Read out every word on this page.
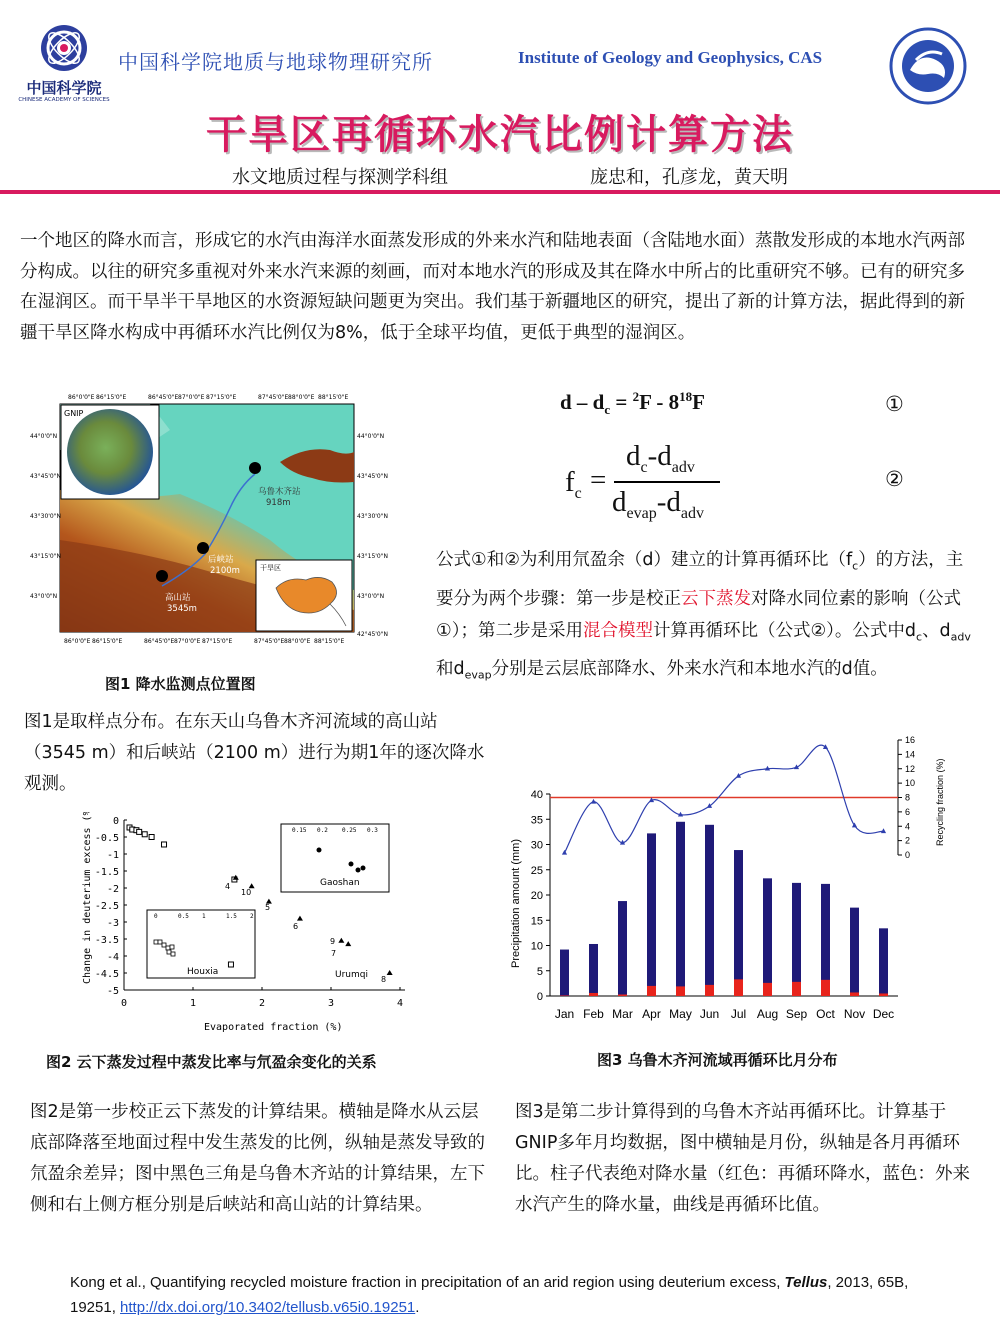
中国科学院
CHINESE ACADEMY OF SCIENCES
中国科学院地质与地球物理研究所	Institute of Geology and Geophysics, CAS
干旱区再循环水汽比例计算方法
水文地质过程与探测学科组	庞忠和，孔彦龙，黄天明
一个地区的降水而言，形成它的水汽由海洋水面蒸发形成的外来水汽和陆地表面（含陆地水面）蒸散发形成的本地水汽两部分构成。以往的研究多重视对外来水汽来源的刻画，而对本地水汽的形成及其在降水中所占的比重研究不够。已有的研究多在湿润区。而干旱半干旱地区的水资源短缺问题更为突出。我们基于新疆地区的研究，提出了新的计算方法，据此得到的新疆干旱区降水构成中再循环水汽比例仅为8%，低于全球平均值，更低于典型的湿润区。
GNIP
乌鲁木齐站
918m
后峡站
2100m
高山站
3545m
干旱区
86°0'0"E 86°15'0"E	86°45'0"E 87°0'0"E 87°15'0"E	87°45'0"E 88°0'0"E 88°15'0"E
86°0'0"E 86°15'0"E	86°45'0"E 87°0'0"E 87°15'0"E	87°45'0"E 88°0'0"E 88°15'0"E
44°0'0"N
43°45'0"N
43°30'0"N
43°15'0"N
43°0'0"N
42°45'0"N
44°0'0"N
43°45'0"N
43°30'0"N
43°15'0"N
43°0'0"N
图1 降水监测点位置图
$d - d_c = ^2F - 8^{18}F$	①
$f_c$ =
$d_c-d_{adv}$
$d_{evap}-d_{adv}$
②
公式①和②为利用氘盈余（d）建立的计算再循环比$(f_c)$的方法，主要分为两个步骤：第一步是校正云下蒸发对降水同位素的影响（公式①）；第二步是采用混合模型计算再循环比（公式②）。公式中$d_c$、$d_{adv}$和$d_{evap}$分别是云层底部降水、外来水汽和本地水汽的d值。
图1是取样点分布。在东天山乌鲁木齐河流域的高山站（3545 m）和后峡站（2100 m）进行为期1年的逐次降水观测。
0
-0.5
-1
-1.5
-2
-2.5
-3
-3.5
-4
-4.5
-5
0	1	2	3	4
Change in deuterium excess (%)
Evaporated fraction (%)
0	0.5 1	1.5 2
0.15 0.2 0.25 0.3
Houxia
Gaoshan
Urumqi
4
10
5
6
9
7
8
图2 云下蒸发过程中蒸发比率与氘盈余变化的关系
0
5
10
15
20
25
30
35
40
0
2
4
6
8
10
12
14
16
Jan Feb Mar Apr May Jun Jul Aug Sep Oct Nov Dec
Precipitation amount (mm)
Recycling fraction (%)
图3 乌鲁木齐河流域再循环比月分布
图2是第一步校正云下蒸发的计算结果。横轴是降水从云层底部降落至地面过程中发生蒸发的比例，纵轴是蒸发导致的氘盈余差异；图中黑色三角是乌鲁木齐站的计算结果，左下侧和右上侧方框分别是后峡站和高山站的计算结果。
图3是第二步计算得到的乌鲁木齐站再循环比。计算基于GNIP多年月均数据，图中横轴是月份，纵轴是各月再循环比。柱子代表绝对降水量（红色：再循环降水，蓝色：外来水汽产生的降水量，曲线是再循环比值。
Kong et al., Quantifying recycled moisture fraction in precipitation of an arid region using deuterium excess, Tellus, 2013, 65B, 19251, http://dx.doi.org/10.3402/tellusb.v65i0.19251.
